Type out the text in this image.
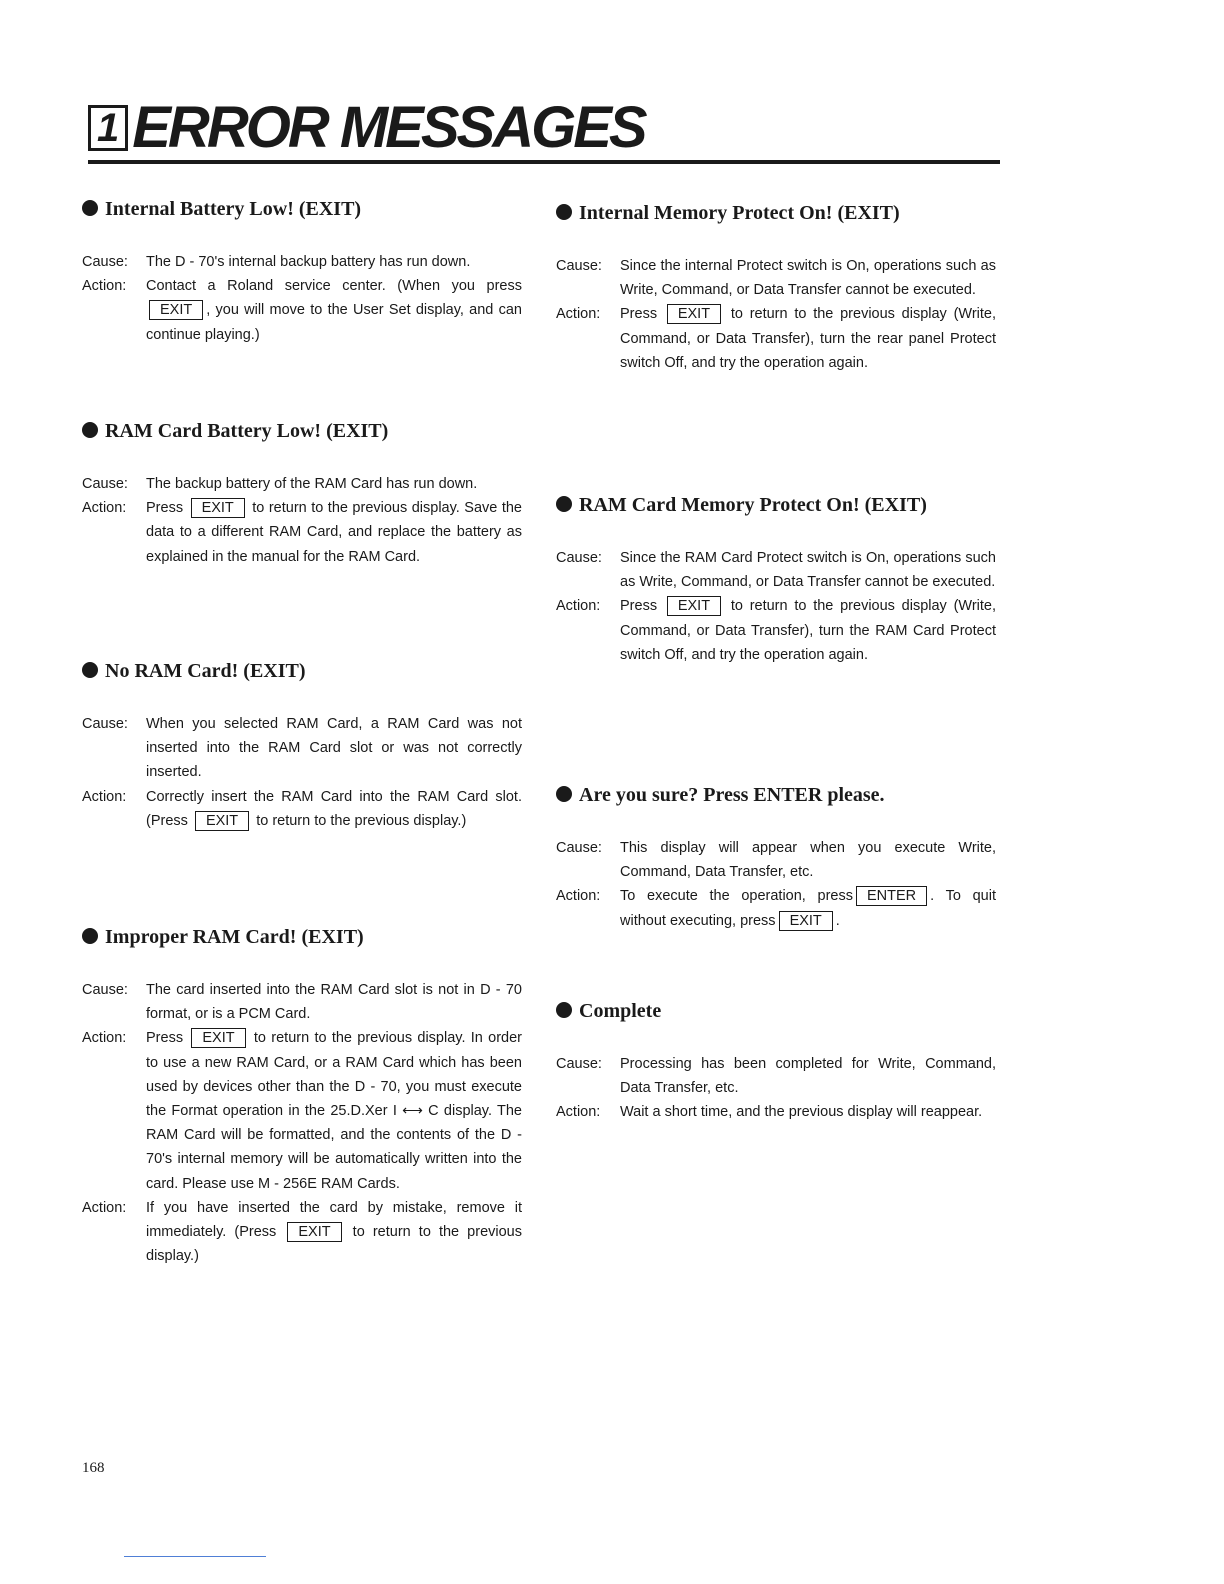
1 ERROR MESSAGES
Internal Battery Low! (EXIT)
Cause:	The D - 70's internal backup battery has run down.
Action:	Contact a Roland service center. (When you press EXIT , you will move to the User Set display, and can continue playing.)
RAM Card Battery Low! (EXIT)
Cause:	The backup battery of the RAM Card has run down.
Action:	Press EXIT to return to the previous display. Save the data to a different RAM Card, and replace the battery as explained in the manual for the RAM Card.
No RAM Card! (EXIT)
Cause:	When you selected RAM Card, a RAM Card was not inserted into the RAM Card slot or was not correctly inserted.
Action:	Correctly insert the RAM Card into the RAM Card slot. (Press EXIT to return to the previous display.)
Improper RAM Card! (EXIT)
Cause:	The card inserted into the RAM Card slot is not in D - 70 format, or is a PCM Card.
Action:	Press EXIT to return to the previous display. In order to use a new RAM Card, or a RAM Card which has been used by devices other than the D - 70, you must execute the Format operation in the 25.D.Xer I ⟷ C display. The RAM Card will be formatted, and the contents of the D - 70's internal memory will be automatically written into the card. Please use M - 256E RAM Cards.
Action:	If you have inserted the card by mistake, remove it immediately. (Press EXIT to return to the previous display.)
Internal Memory Protect On! (EXIT)
Cause:	Since the internal Protect switch is On, operations such as Write, Command, or Data Transfer cannot be executed.
Action:	Press EXIT to return to the previous display (Write, Command, or Data Transfer), turn the rear panel Protect switch Off, and try the operation again.
RAM Card Memory Protect On! (EXIT)
Cause:	Since the RAM Card Protect switch is On, operations such as Write, Command, or Data Transfer cannot be executed.
Action:	Press EXIT to return to the previous display (Write, Command, or Data Transfer), turn the RAM Card Protect switch Off, and try the operation again.
Are you sure? Press ENTER please.
Cause:	This display will appear when you execute Write, Command, Data Transfer, etc.
Action:	To execute the operation, press ENTER . To quit without executing, press EXIT .
Complete
Cause:	Processing has been completed for Write, Command, Data Transfer, etc.
Action:	Wait a short time, and the previous display will reappear.
168
